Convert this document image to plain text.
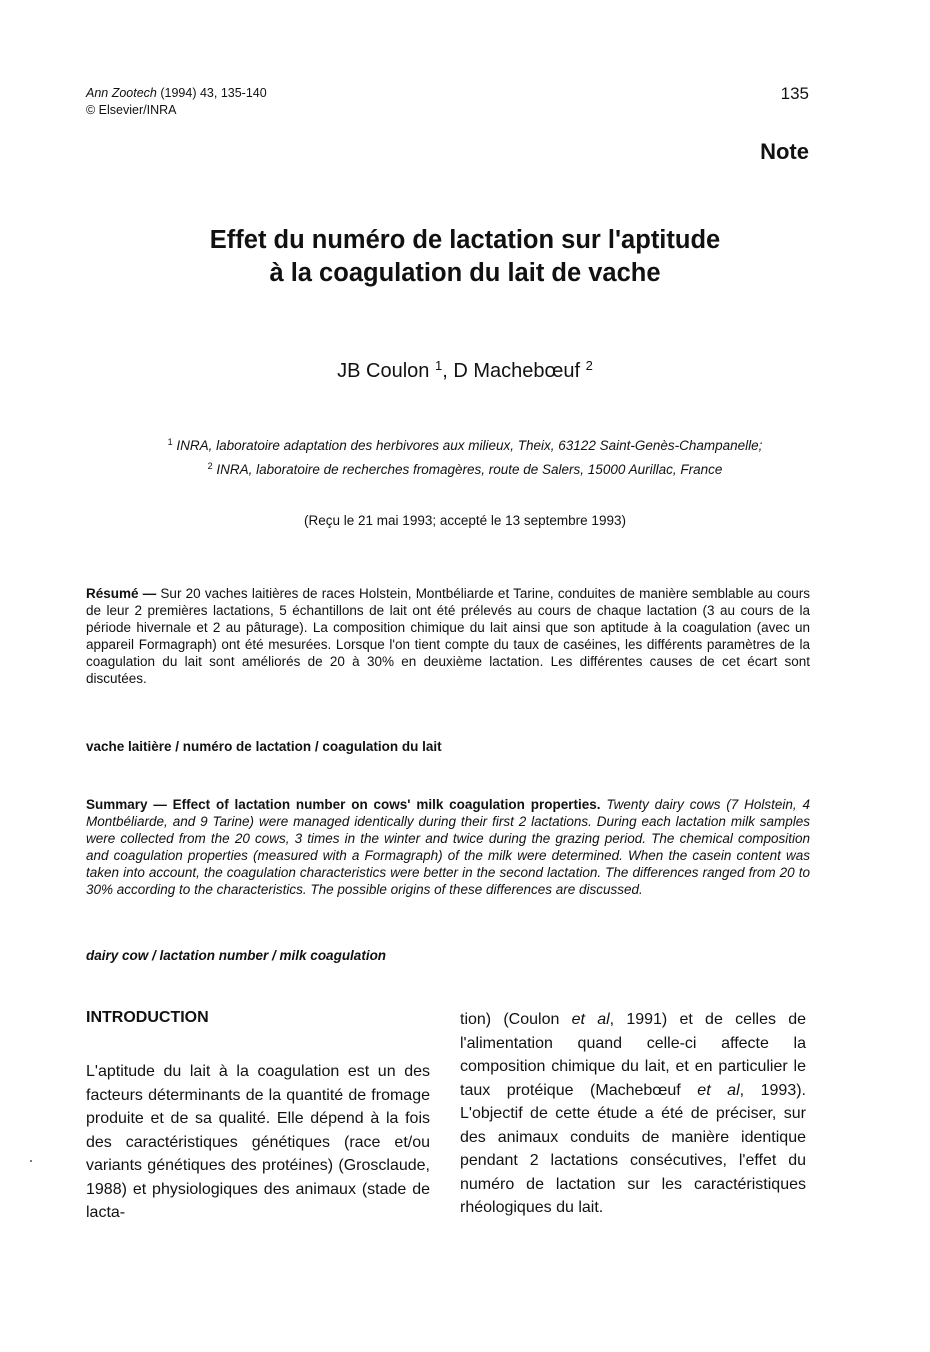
Ann Zootech (1994) 43, 135-140
© Elsevier/INRA
135
Note
Effet du numéro de lactation sur l'aptitude
à la coagulation du lait de vache
JB Coulon $^1$, D Machebœuf $^2$
$^1$ INRA, laboratoire adaptation des herbivores aux milieux, Theix, 63122 Saint-Genès-Champanelle;
$^2$ INRA, laboratoire de recherches fromagères, route de Salers, 15000 Aurillac, France
(Reçu le 21 mai 1993; accepté le 13 septembre 1993)
Résumé — Sur 20 vaches laitières de races Holstein, Montbéliarde et Tarine, conduites de manière semblable au cours de leur 2 premières lactations, 5 échantillons de lait ont été prélevés au cours de chaque lactation (3 au cours de la période hivernale et 2 au pâturage). La composition chimique du lait ainsi que son aptitude à la coagulation (avec un appareil Formagraph) ont été mesurées. Lorsque l'on tient compte du taux de caséines, les différents paramètres de la coagulation du lait sont améliorés de 20 à 30% en deuxième lactation. Les différentes causes de cet écart sont discutées.
vache laitière / numéro de lactation / coagulation du lait
Summary — Effect of lactation number on cows' milk coagulation properties. Twenty dairy cows (7 Holstein, 4 Montbéliarde, and 9 Tarine) were managed identically during their first 2 lactations. During each lactation milk samples were collected from the 20 cows, 3 times in the winter and twice during the grazing period. The chemical composition and coagulation properties (measured with a Formagraph) of the milk were determined. When the casein content was taken into account, the coagulation characteristics were better in the second lactation. The differences ranged from 20 to 30% according to the characteristics. The possible origins of these differences are discussed.
dairy cow / lactation number / milk coagulation
INTRODUCTION

L'aptitude du lait à la coagulation est un des facteurs déterminants de la quantité de fromage produite et de sa qualité. Elle dépend à la fois des caractéristiques génétiques (race et/ou variants génétiques des protéines) (Grosclaude, 1988) et physiologiques des animaux (stade de lacta-

tion) (Coulon et al, 1991) et de celles de l'alimentation quand celle-ci affecte la composition chimique du lait, et en particulier le taux protéique (Machebœuf et al, 1993). L'objectif de cette étude a été de préciser, sur des animaux conduits de manière identique pendant 2 lactations consécutives, l'effet du numéro de lactation sur les caractéristiques rhéologiques du lait.
